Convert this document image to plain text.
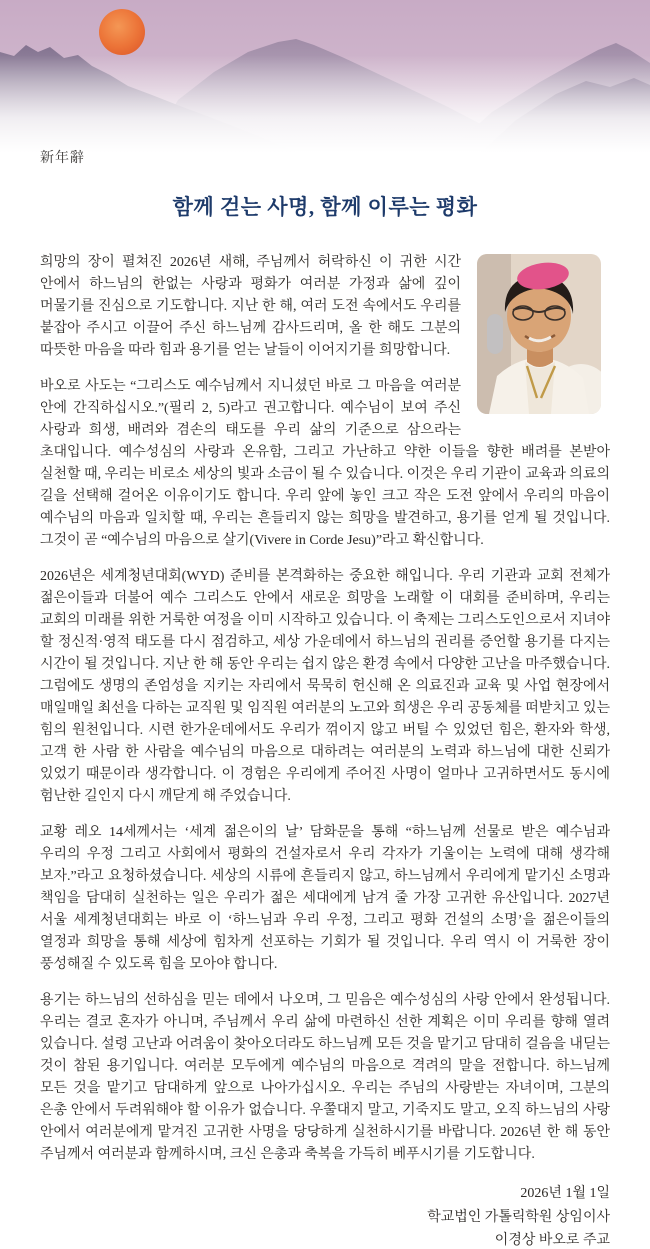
新年辭
함께 걷는 사명, 함께 이루는 평화

희망의 장이 펼쳐진 2026년 새해, 주님께서 허락하신 이 귀한 시간 안에서 하느님의 한없는 사랑과 평화가 여러분 가정과 삶에 깊이 머물기를 진심으로 기도합니다. 지난 한 해, 여러 도전 속에서도 우리를 붙잡아 주시고 이끌어 주신 하느님께 감사드리며, 올 한 해도 그분의 따뜻한 마음을 따라 힘과 용기를 얻는 날들이 이어지기를 희망합니다.

바오로 사도는 “그리스도 예수님께서 지니셨던 바로 그 마음을 여러분 안에 간직하십시오.”(필리 2, 5)라고 권고합니다. 예수님이 보여 주신 사랑과 희생, 배려와 겸손의 태도를 우리 삶의 기준으로 삼으라는 초대입니다. 예수성심의 사랑과 온유함, 그리고 가난하고 약한 이들을 향한 배려를 본받아 실천할 때, 우리는 비로소 세상의 빛과 소금이 될 수 있습니다. 이것은 우리 기관이 교육과 의료의 길을 선택해 걸어온 이유이기도 합니다. 우리 앞에 놓인 크고 작은 도전 앞에서 우리의 마음이 예수님의 마음과 일치할 때, 우리는 흔들리지 않는 희망을 발견하고, 용기를 얻게 될 것입니다. 그것이 곧 “예수님의 마음으로 살기(Vivere in Corde Jesu)”라고 확신합니다.

2026년은 세계청년대회(WYD) 준비를 본격화하는 중요한 해입니다. 우리 기관과 교회 전체가 젊은이들과 더불어 예수 그리스도 안에서 새로운 희망을 노래할 이 대회를 준비하며, 우리는 교회의 미래를 위한 거룩한 여정을 이미 시작하고 있습니다. 이 축제는 그리스도인으로서 지녀야 할 정신적·영적 태도를 다시 점검하고, 세상 가운데에서 하느님의 권리를 증언할 용기를 다지는 시간이 될 것입니다. 지난 한 해 동안 우리는 쉽지 않은 환경 속에서 다양한 고난을 마주했습니다. 그럼에도 생명의 존엄성을 지키는 자리에서 묵묵히 헌신해 온 의료진과 교육 및 사업 현장에서 매일매일 최선을 다하는 교직원 및 임직원 여러분의 노고와 희생은 우리 공동체를 떠받치고 있는 힘의 원천입니다. 시련 한가운데에서도 우리가 꺾이지 않고 버틸 수 있었던 힘은, 환자와 학생, 고객 한 사람 한 사람을 예수님의 마음으로 대하려는 여러분의 노력과 하느님에 대한 신뢰가 있었기 때문이라 생각합니다. 이 경험은 우리에게 주어진 사명이 얼마나 고귀하면서도 동시에 험난한 길인지 다시 깨닫게 해 주었습니다.

교황 레오 14세께서는 ‘세계 젊은이의 날’ 담화문을 통해 “하느님께 선물로 받은 예수님과 우리의 우정 그리고 사회에서 평화의 건설자로서 우리 각자가 기울이는 노력에 대해 생각해 보자.”라고 요청하셨습니다. 세상의 시류에 흔들리지 않고, 하느님께서 우리에게 맡기신 소명과 책임을 담대히 실천하는 일은 우리가 젊은 세대에게 남겨 줄 가장 고귀한 유산입니다. 2027년 서울 세계청년대회는 바로 이 ‘하느님과 우리 우정, 그리고 평화 건설의 소명’을 젊은이들의 열정과 희망을 통해 세상에 힘차게 선포하는 기회가 될 것입니다. 우리 역시 이 거룩한 장이 풍성해질 수 있도록 힘을 모아야 합니다.

용기는 하느님의 선하심을 믿는 데에서 나오며, 그 믿음은 예수성심의 사랑 안에서 완성됩니다. 우리는 결코 혼자가 아니며, 주님께서 우리 삶에 마련하신 선한 계획은 이미 우리를 향해 열려 있습니다. 설령 고난과 어려움이 찾아오더라도 하느님께 모든 것을 맡기고 담대히 걸음을 내딛는 것이 참된 용기입니다. 여러분 모두에게 예수님의 마음으로 격려의 말을 전합니다. 하느님께 모든 것을 맡기고 담대하게 앞으로 나아가십시오. 우리는 주님의 사랑받는 자녀이며, 그분의 은총 안에서 두려워해야 할 이유가 없습니다. 우쭐대지 말고, 기죽지도 말고, 오직 하느님의 사랑 안에서 여러분에게 맡겨진 고귀한 사명을 당당하게 실천하시기를 바랍니다. 2026년 한 해 동안 주님께서 여러분과 함께하시며, 크신 은총과 축복을 가득히 베푸시기를 기도합니다.

2026년 1월 1일
학교법인 가톨릭학원 상임이사
이경상 바오로 주교
